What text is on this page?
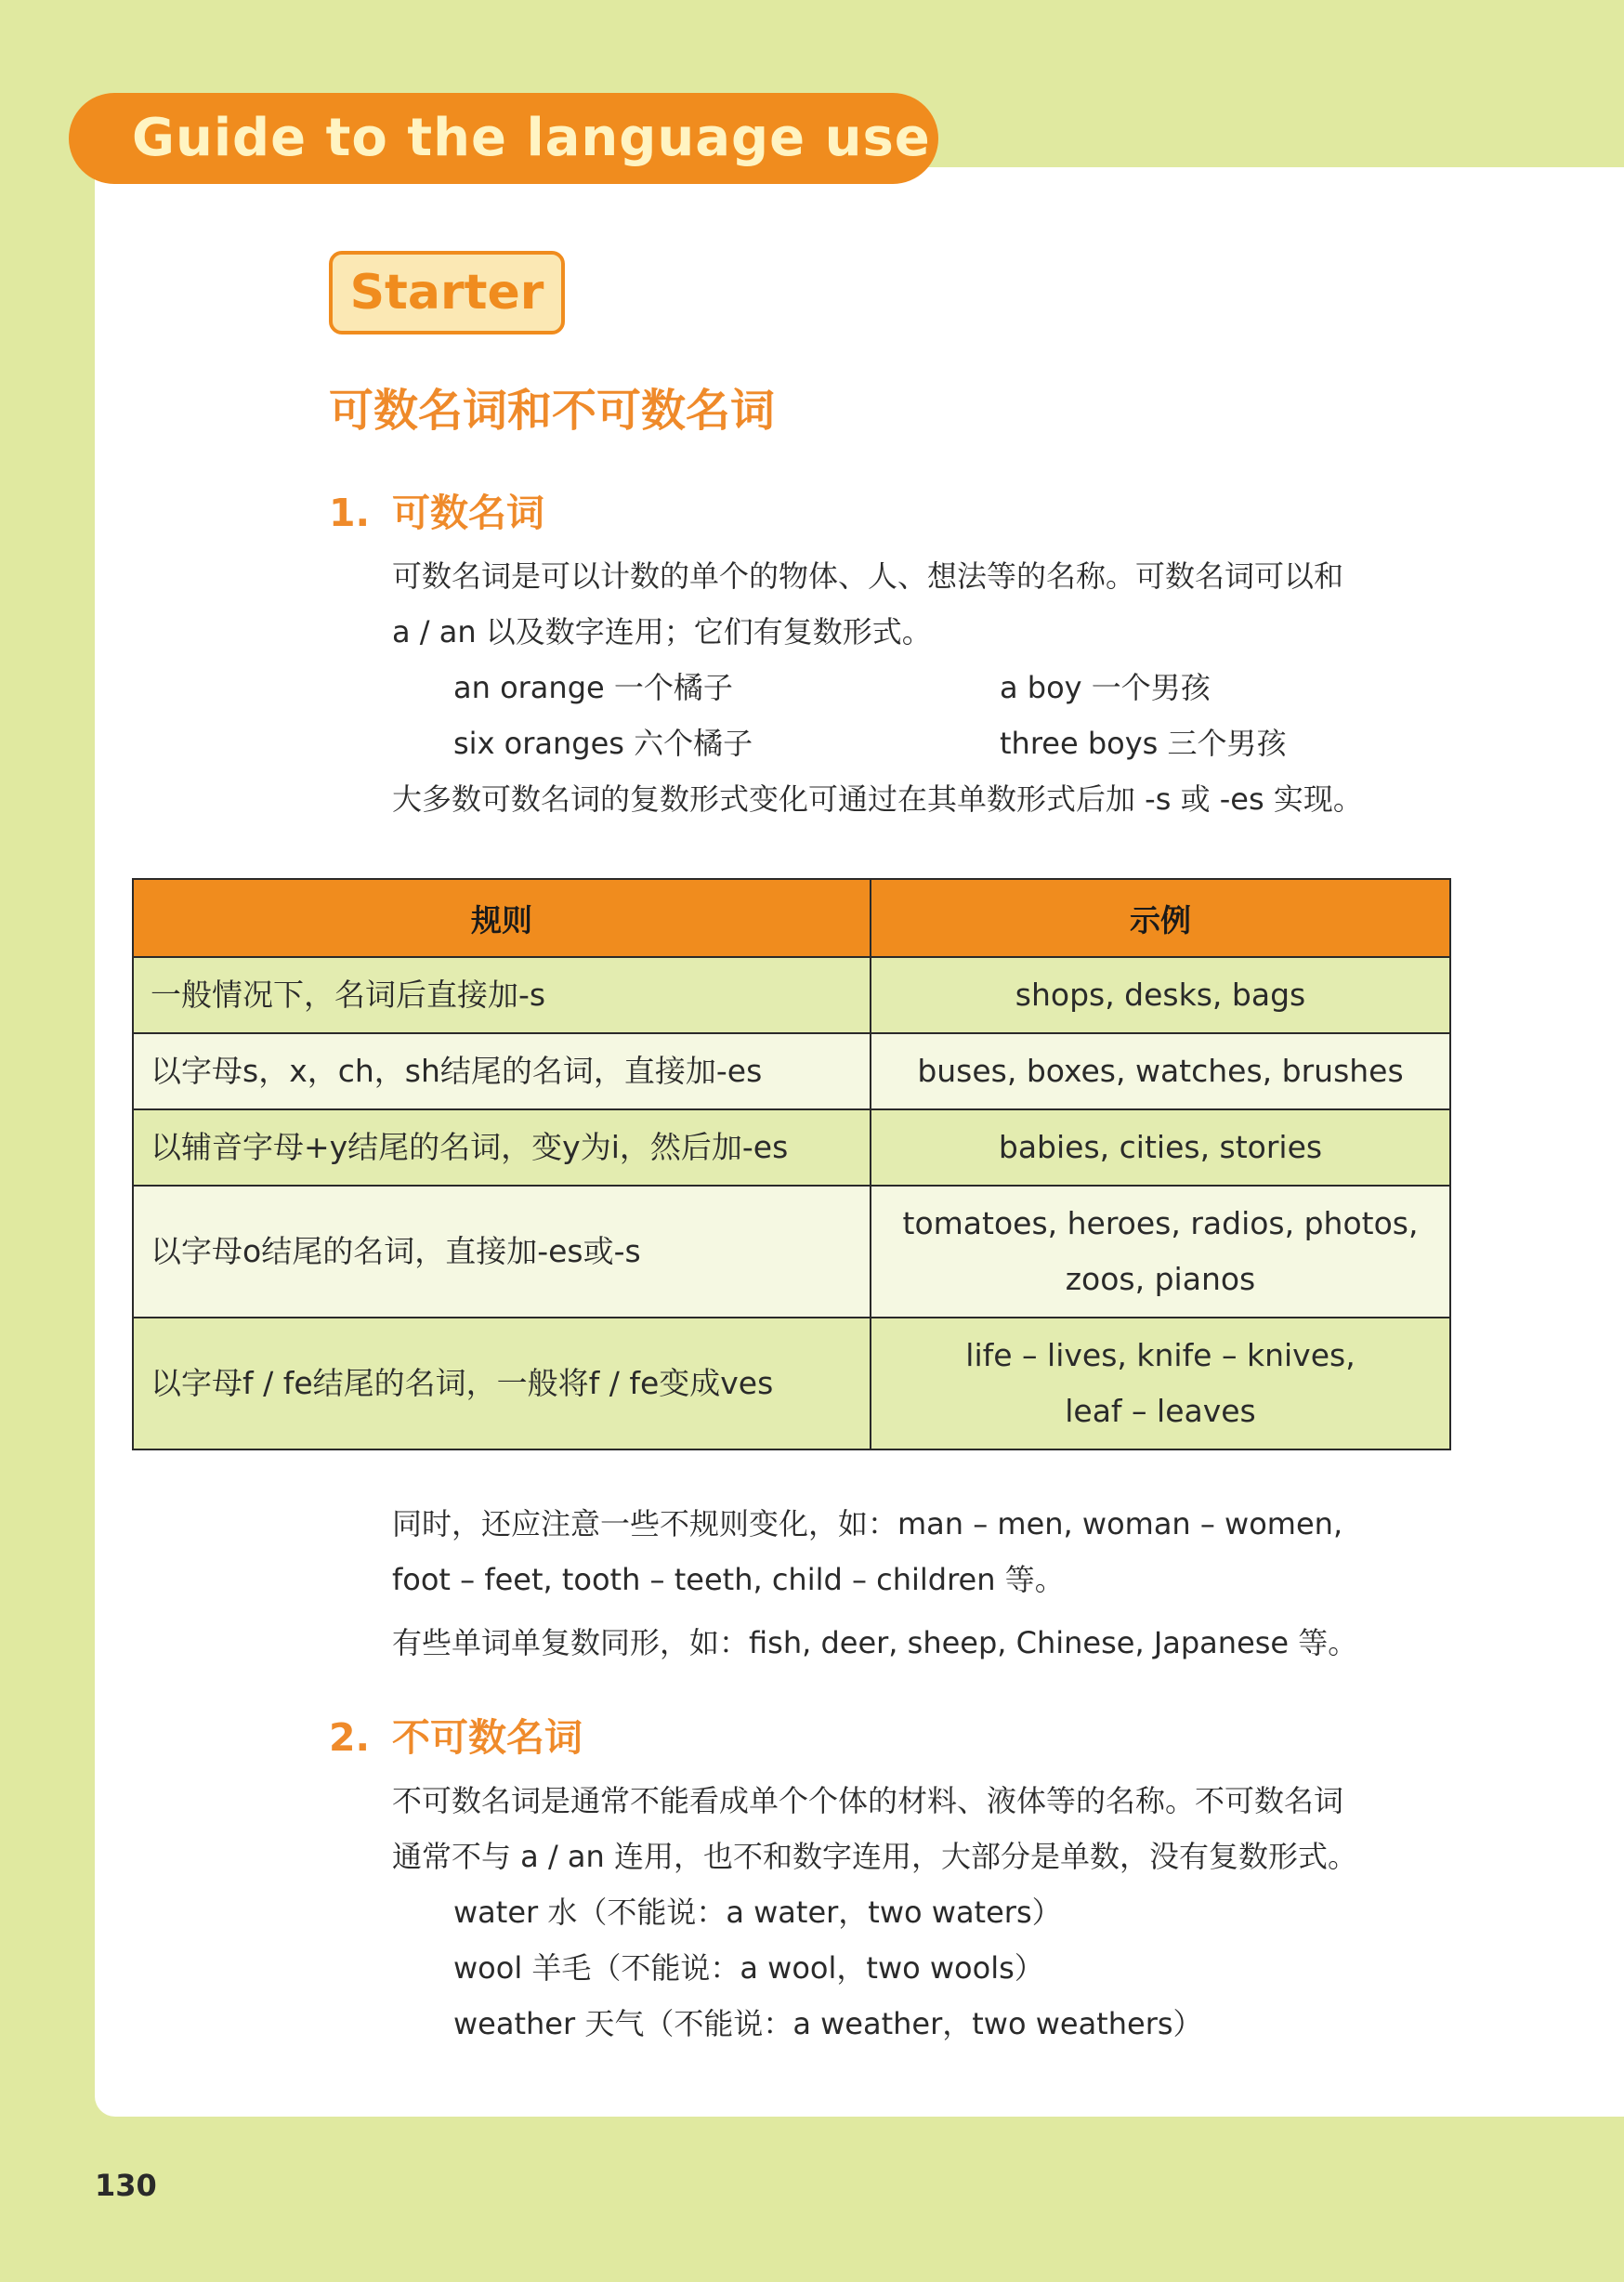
Guide to the language use
Starter
可数名词和不可数名词
1. 可数名词
可数名词是可以计数的单个的物体、人、想法等的名称。可数名词可以和
a / an 以及数字连用；它们有复数形式。
an orange 一个橘子	a boy 一个男孩
six oranges 六个橘子	three boys 三个男孩
大多数可数名词的复数形式变化可通过在其单数形式后加 -s 或 -es 实现。
规则	示例
一般情况下，名词后直接加-s	shops, desks, bags

以字母s，x，ch，sh结尾的名词，直接加-es	buses, boxes, watches, brushes

以辅音字母+y结尾的名词，变y为i，然后加-es	babies, cities, stories

以字母o结尾的名词，直接加-es或-s	tomatoes, heroes, radios, photos,
zoos, pianos

以字母f / fe结尾的名词，一般将f / fe变成ves	life – lives, knife – knives,
leaf – leaves
同时，还应注意一些不规则变化，如：man – men, woman – women,
foot – feet, tooth – teeth, child – children 等。
有些单词单复数同形，如：fish, deer, sheep, Chinese, Japanese 等。
2. 不可数名词
不可数名词是通常不能看成单个个体的材料、液体等的名称。不可数名词
通常不与 a / an 连用，也不和数字连用，大部分是单数，没有复数形式。
water 水（不能说：a water，two waters）
wool 羊毛（不能说：a wool，two wools）
weather 天气（不能说：a weather，two weathers）
130
